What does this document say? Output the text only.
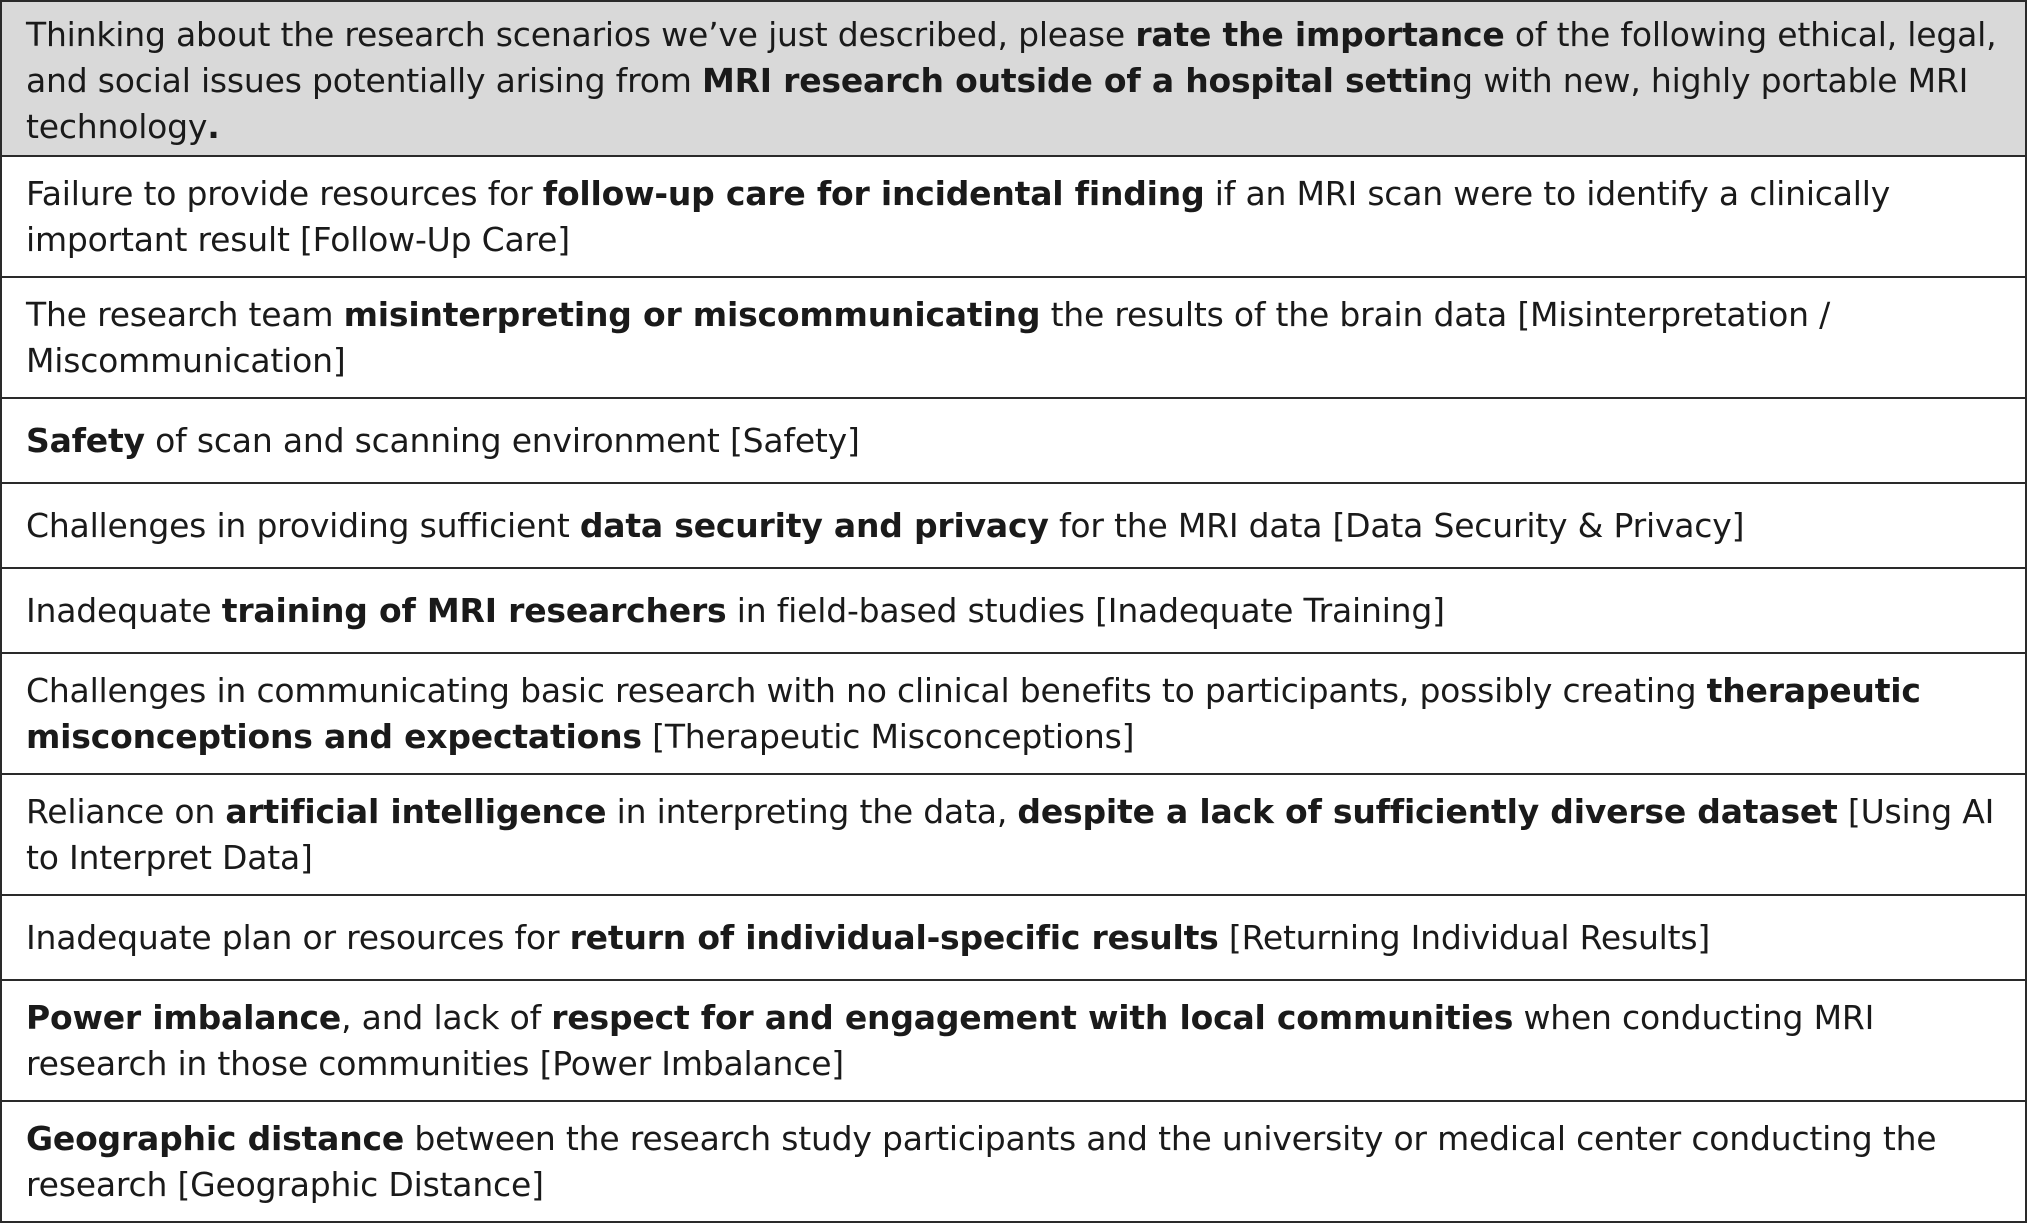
Thinking about the research scenarios we’ve just described, please rate the importance of the following ethical, legal, and social issues potentially arising from MRI research outside of a hospital setting with new, highly portable MRI technology.
Failure to provide resources for follow-up care for incidental finding if an MRI scan were to identify a clinically important result [Follow-Up Care]
The research team misinterpreting or miscommunicating the results of the brain data [Misinterpretation / Miscommunication]
Safety of scan and scanning environment [Safety]
Challenges in providing sufficient data security and privacy for the MRI data [Data Security & Privacy]
Inadequate training of MRI researchers in field-based studies [Inadequate Training]
Challenges in communicating basic research with no clinical benefits to participants, possibly creating therapeutic misconceptions and expectations [Therapeutic Misconceptions]
Reliance on artificial intelligence in interpreting the data, despite a lack of sufficiently diverse dataset [Using AI to Interpret Data]
Inadequate plan or resources for return of individual-specific results [Returning Individual Results]
Power imbalance, and lack of respect for and engagement with local communities when conducting MRI research in those communities [Power Imbalance]
Geographic distance between the research study participants and the university or medical center conducting the research [Geographic Distance]
